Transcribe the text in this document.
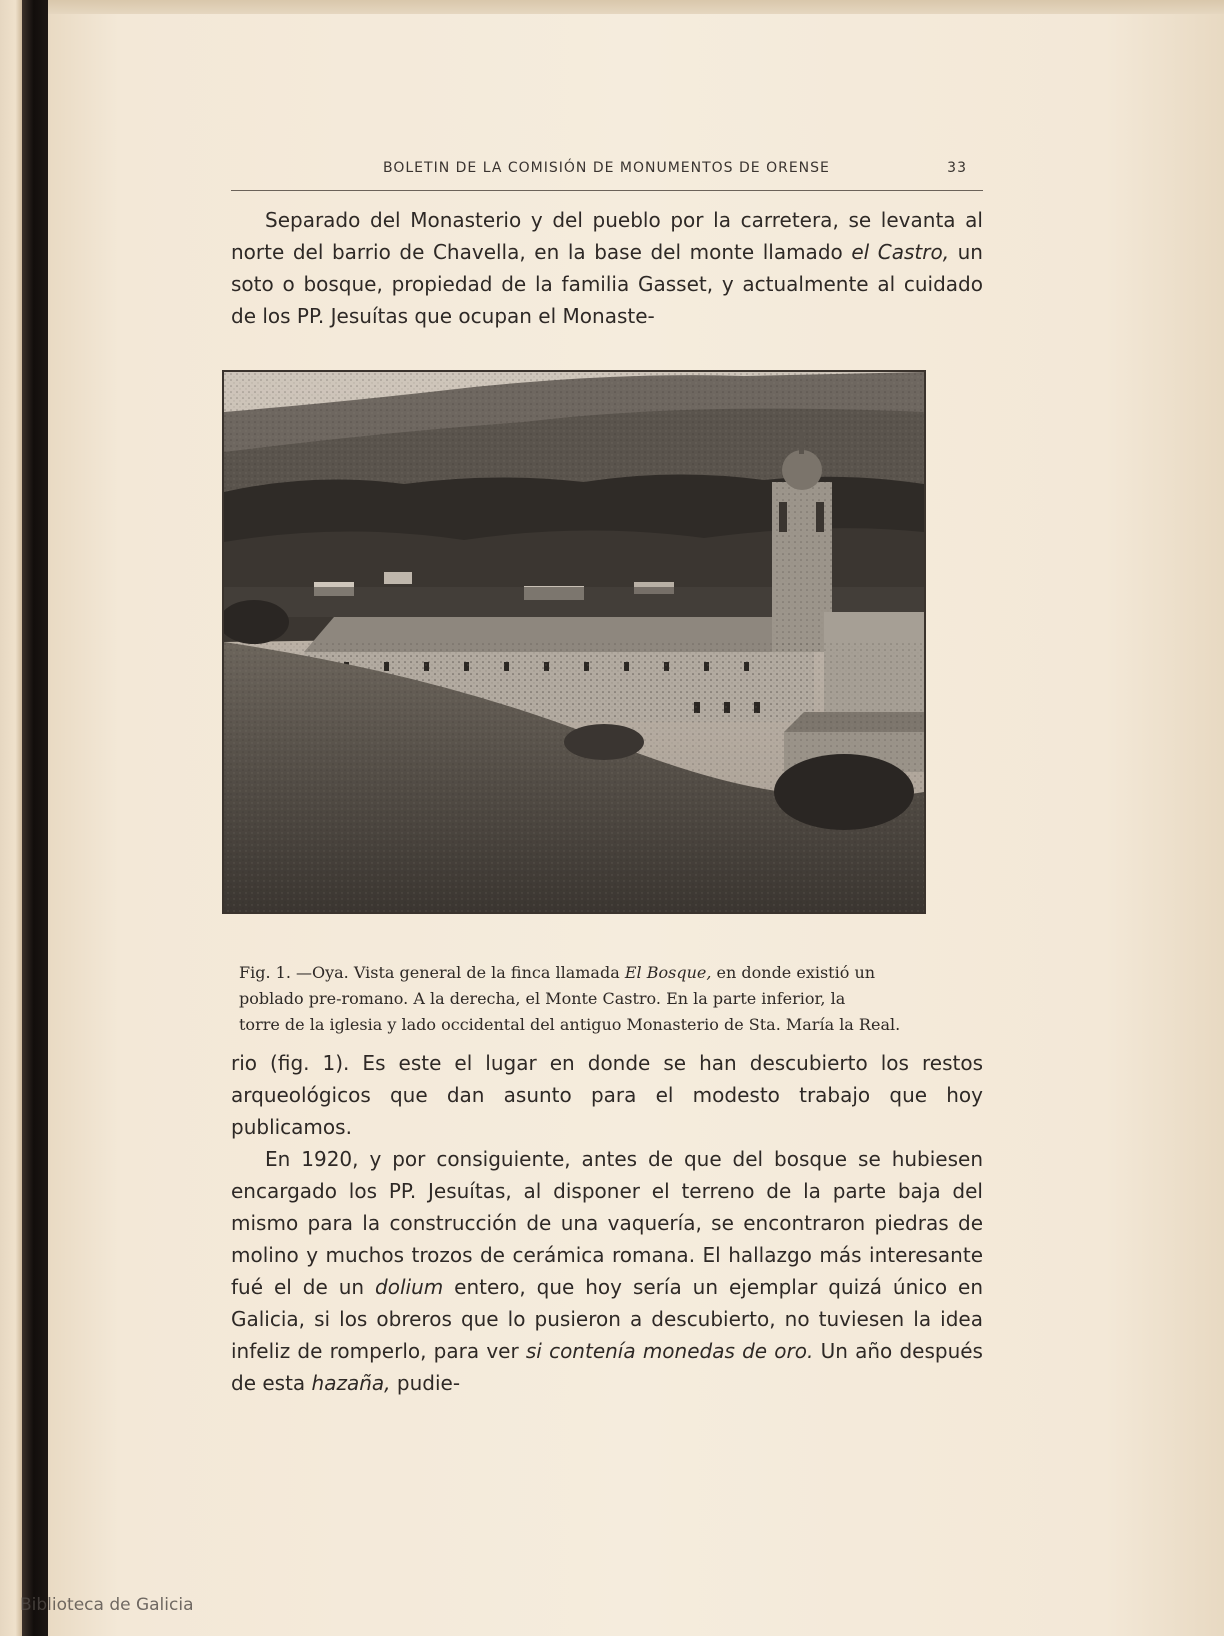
BOLETIN DE LA COMISIÓN DE MONUMENTOS DE ORENSE	33

Separado del Monasterio y del pueblo por la carretera, se levanta al norte del barrio de Chavella, en la base del monte llamado el Castro, un soto o bosque, propiedad de la familia Gasset, y actualmente al cuidado de los PP. Jesuítas que ocupan el Monaste-

Fig. 1. —Oya. Vista general de la finca llamada El Bosque, en donde existió un
poblado pre-romano. A la derecha, el Monte Castro. En la parte inferior, la
torre de la iglesia y lado occidental del antiguo Monasterio de Sta. María la Real.

rio (fig. 1). Es este el lugar en donde se han descubierto los restos arqueológicos que dan asunto para el modesto trabajo que hoy publicamos.

En 1920, y por consiguiente, antes de que del bosque se hubiesen encargado los PP. Jesuítas, al disponer el terreno de la parte baja del mismo para la construcción de una vaquería, se encontraron piedras de molino y muchos trozos de cerámica romana. El hallazgo más interesante fué el de un dolium entero, que hoy sería un ejemplar quizá único en Galicia, si los obreros que lo pusieron a descubierto, no tuviesen la idea infeliz de romperlo, para ver si contenía monedas de oro. Un año después de esta hazaña, pudie-

Biblioteca de Galicia
